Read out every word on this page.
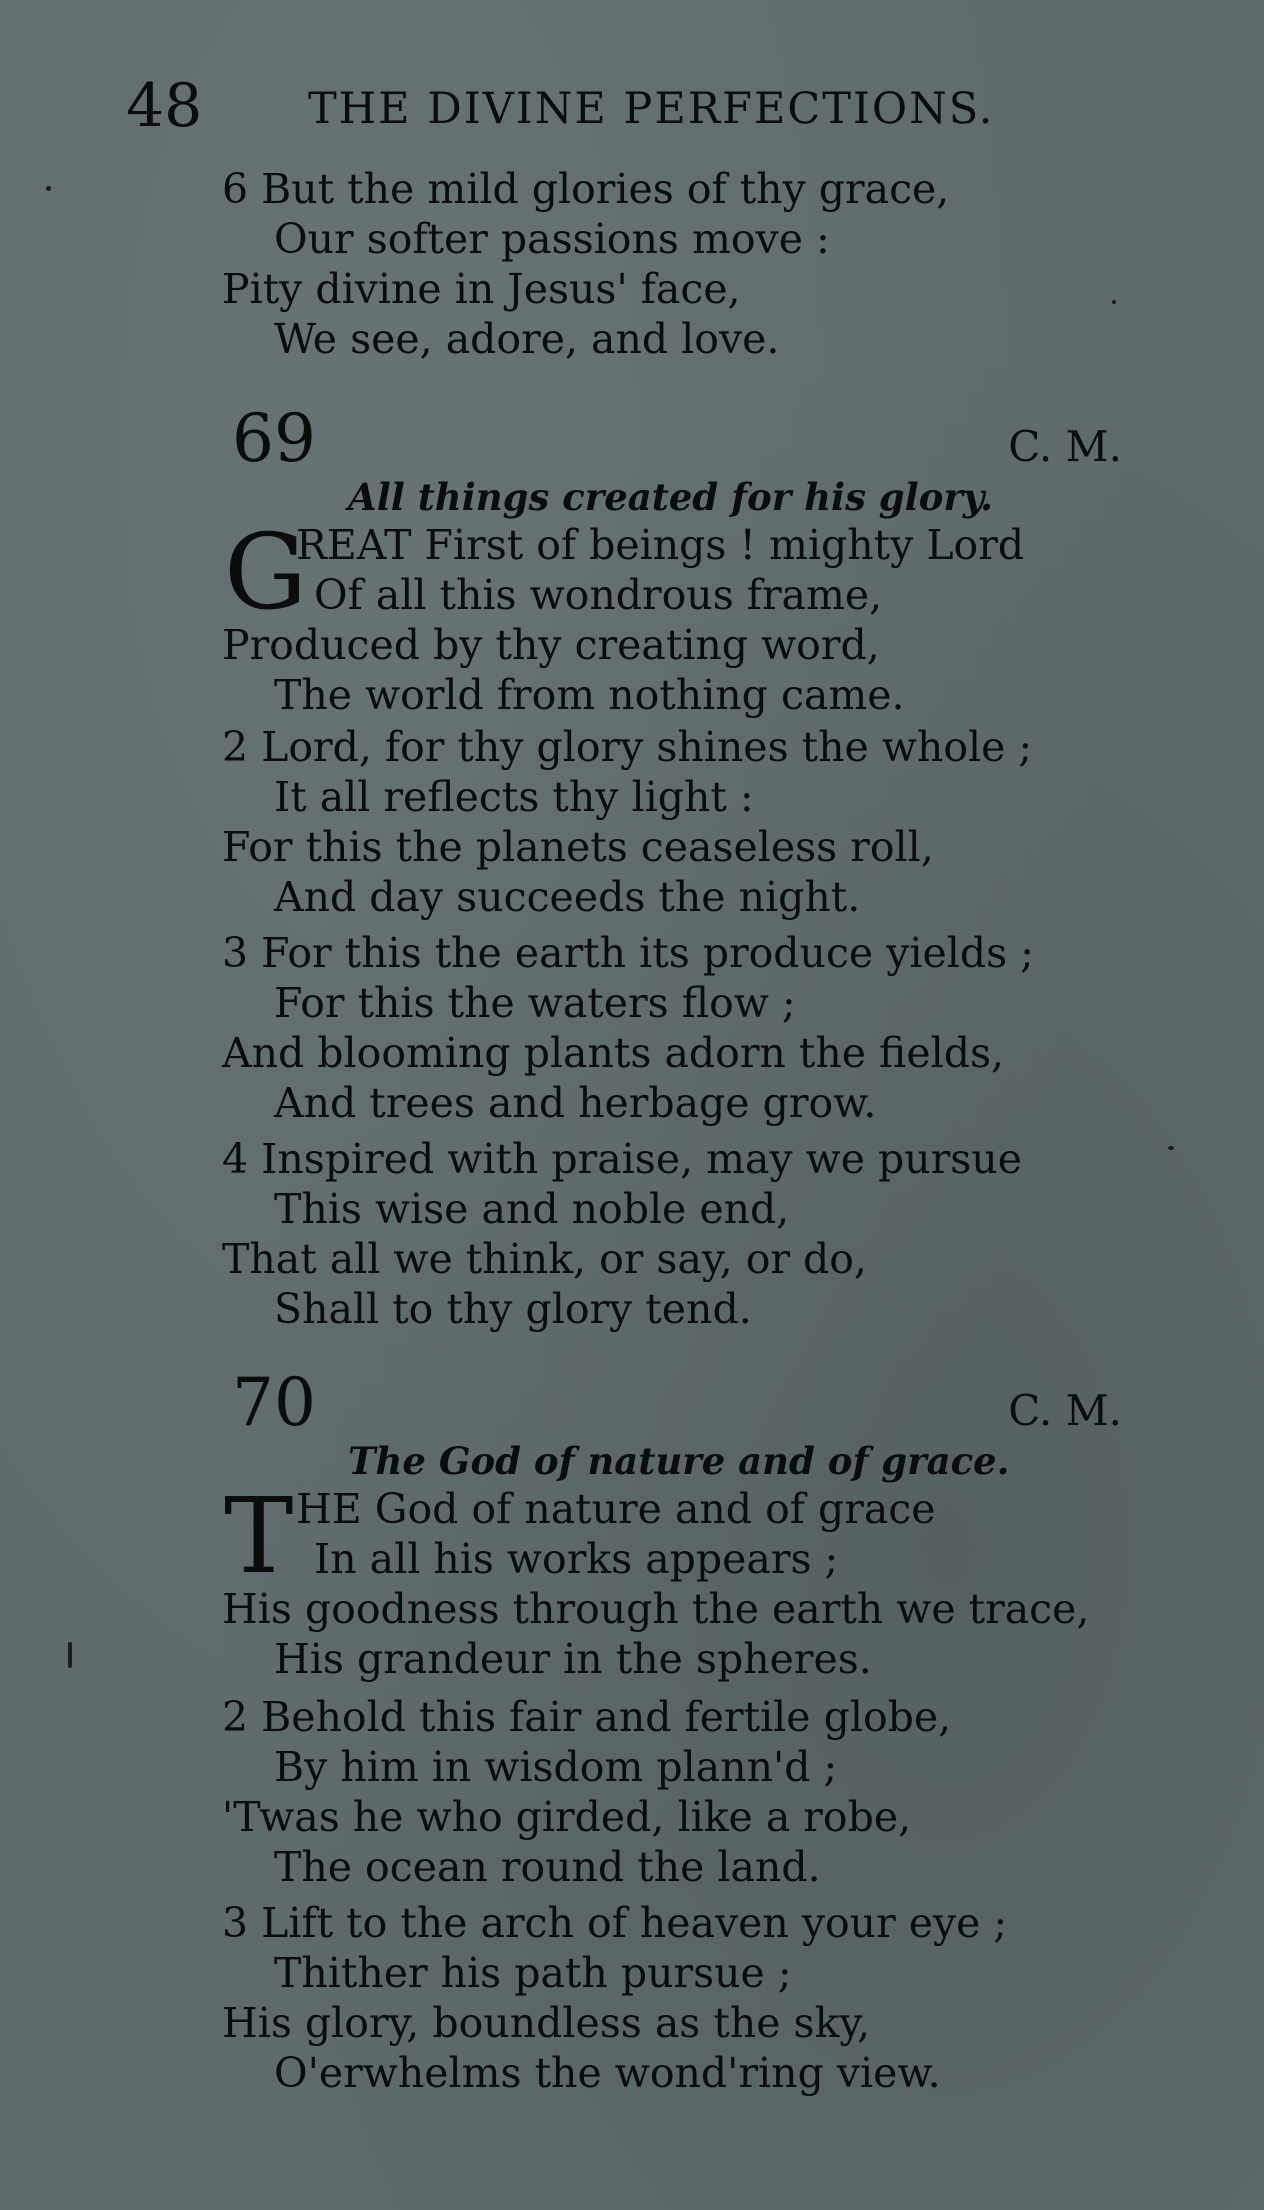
48 THE DIVINE PERFECTIONS.
6 But the mild glories of thy grace,
Our softer passions move :
Pity divine in Jesus' face,
We see, adore, and love.
69	C. M.
All things created for his glory.
G
REAT First of beings ! mighty Lord
Of all this wondrous frame,
Produced by thy creating word,
The world from nothing came.
2 Lord, for thy glory shines the whole ;
It all reflects thy light :
For this the planets ceaseless roll,
And day succeeds the night.
3 For this the earth its produce yields ;
For this the waters flow ;
And blooming plants adorn the fields,
And trees and herbage grow.
4 Inspired with praise, may we pursue
This wise and noble end,
That all we think, or say, or do,
Shall to thy glory tend.
70	C. M.
The God of nature and of grace.
T HE God of nature and of grace
In all his works appears ;
His goodness through the earth we trace,
His grandeur in the spheres.
2 Behold this fair and fertile globe,
By him in wisdom plann'd ;
'Twas he who girded, like a robe,
The ocean round the land.
3 Lift to the arch of heaven your eye ;
Thither his path pursue ;
His glory, boundless as the sky,
O'erwhelms the wond'ring view.
